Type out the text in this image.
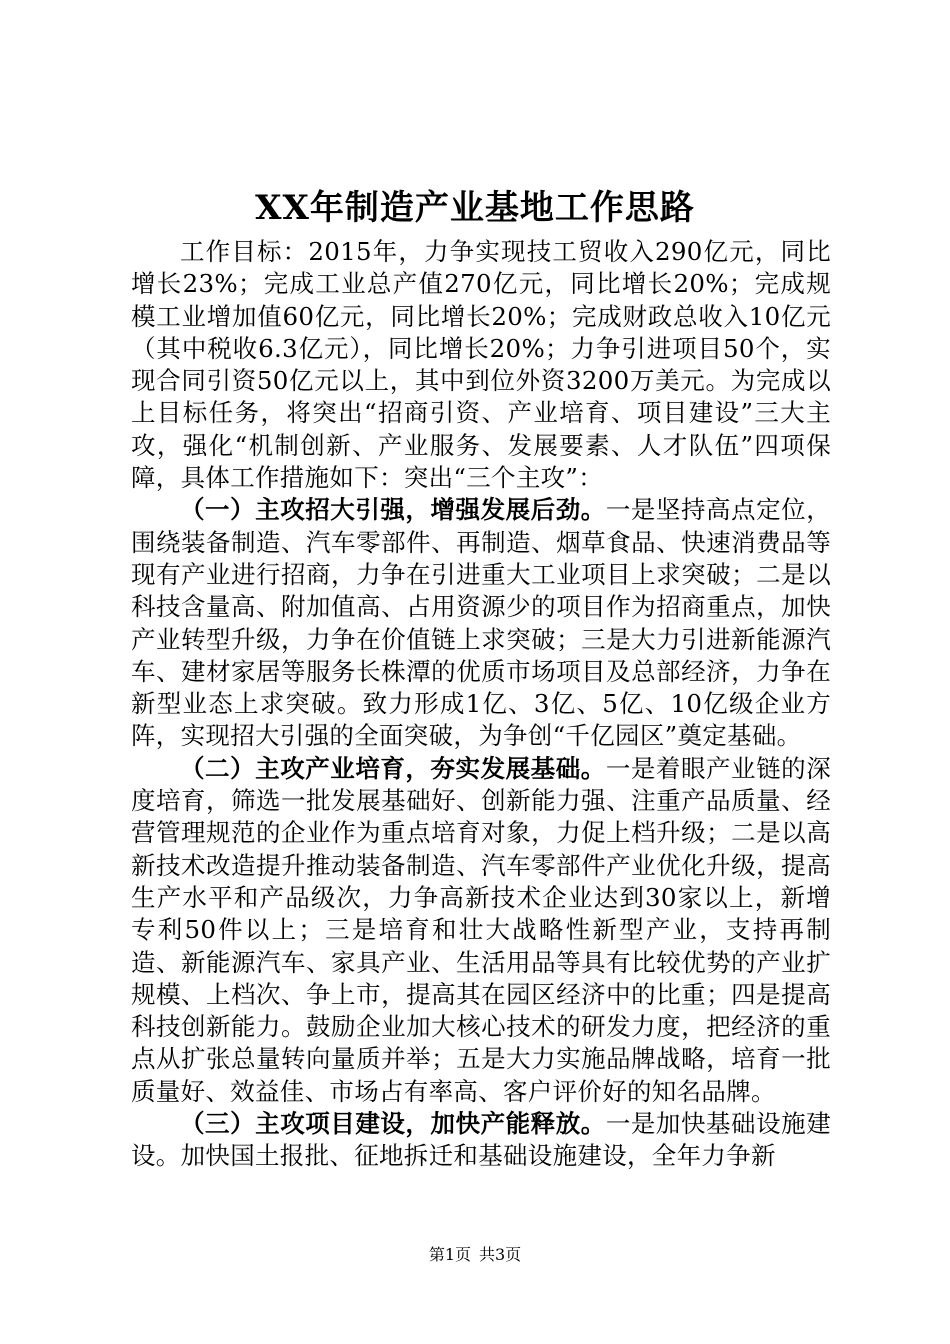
XX年制造产业基地工作思路

工作目标：2015年，力争实现技工贸收入290亿元，同比增长23%；完成工业总产值270亿元，同比增长20%；完成规模工业增加值60亿元，同比增长20%；完成财政总收入10亿元（其中税收6.3亿元），同比增长20%；力争引进项目50个，实现合同引资50亿元以上，其中到位外资3200万美元。为完成以上目标任务，将突出“招商引资、产业培育、项目建设”三大主攻，强化“机制创新、产业服务、发展要素、人才队伍”四项保障，具体工作措施如下：突出“三个主攻”：

（一）主攻招大引强，增强发展后劲。一是坚持高点定位，围绕装备制造、汽车零部件、再制造、烟草食品、快速消费品等现有产业进行招商，力争在引进重大工业项目上求突破；二是以科技含量高、附加值高、占用资源少的项目作为招商重点，加快产业转型升级，力争在价值链上求突破；三是大力引进新能源汽车、建材家居等服务长株潭的优质市场项目及总部经济，力争在新型业态上求突破。致力形成1亿、3亿、5亿、10亿级企业方阵，实现招大引强的全面突破，为争创“千亿园区”奠定基础。

（二）主攻产业培育，夯实发展基础。一是着眼产业链的深度培育，筛选一批发展基础好、创新能力强、注重产品质量、经营管理规范的企业作为重点培育对象，力促上档升级；二是以高新技术改造提升推动装备制造、汽车零部件产业优化升级，提高生产水平和产品级次，力争高新技术企业达到30家以上，新增专利50件以上；三是培育和壮大战略性新型产业，支持再制造、新能源汽车、家具产业、生活用品等具有比较优势的产业扩规模、上档次、争上市，提高其在园区经济中的比重；四是提高科技创新能力。鼓励企业加大核心技术的研发力度，把经济的重点从扩张总量转向量质并举；五是大力实施品牌战略，培育一批质量好、效益佳、市场占有率高、客户评价好的知名品牌。

（三）主攻项目建设，加快产能释放。一是加快基础设施建设。加快国土报批、征地拆迁和基础设施建设，全年力争新

第1页 共3页
